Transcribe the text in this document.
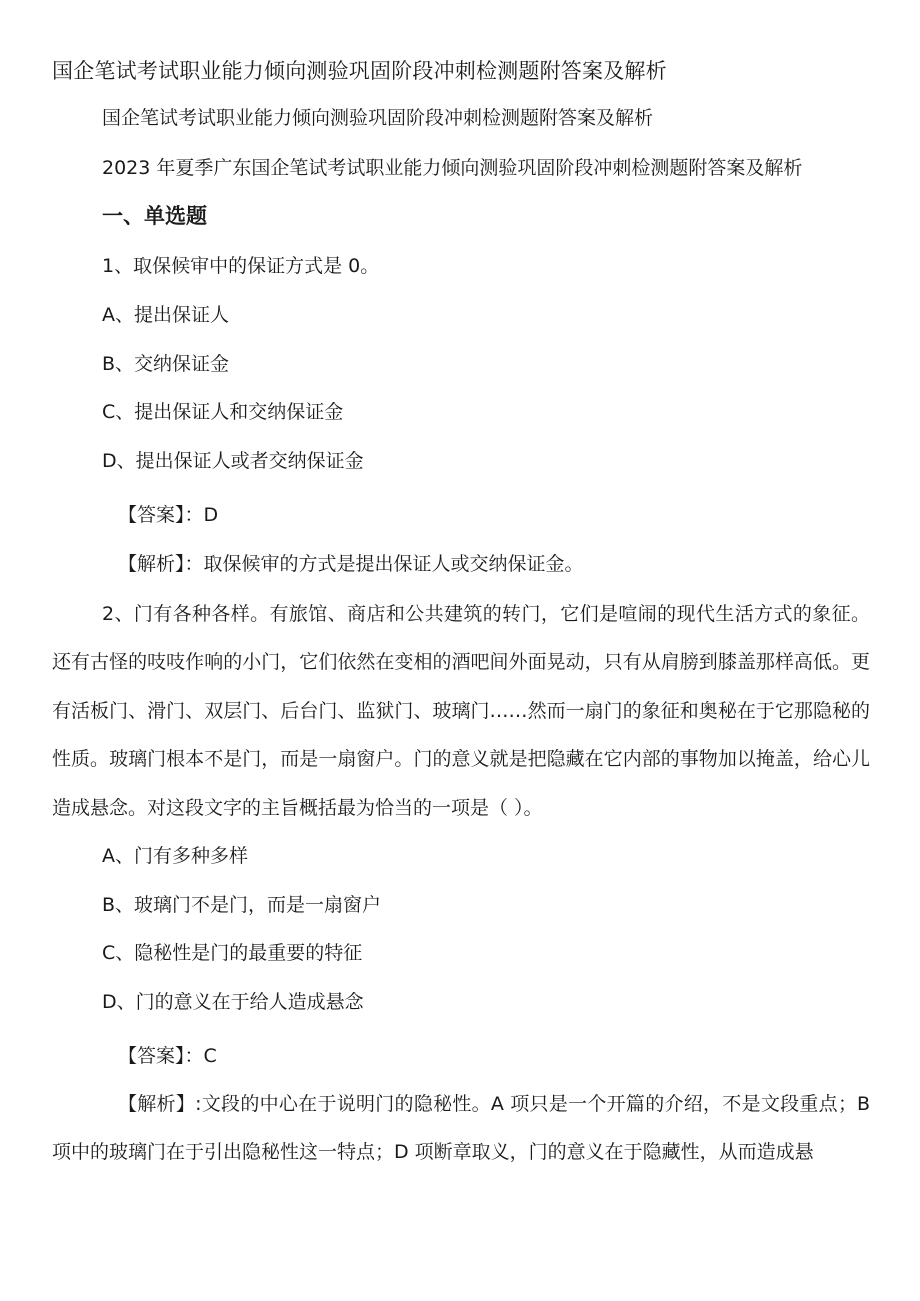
国企笔试考试职业能力倾向测验巩固阶段冲刺检测题附答案及解析
国企笔试考试职业能力倾向测验巩固阶段冲刺检测题附答案及解析
2023 年夏季广东国企笔试考试职业能力倾向测验巩固阶段冲刺检测题附答案及解析
一、单选题
1、取保候审中的保证方式是 0。
A、提出保证人
B、交纳保证金
C、提出保证人和交纳保证金
D、提出保证人或者交纳保证金
【答案】：D
【解析】：取保候审的方式是提出保证人或交纳保证金。
2、门有各种各样。有旅馆、商店和公共建筑的转门，它们是喧闹的现代生活方式的象征。还有古怪的吱吱作响的小门，它们依然在变相的酒吧间外面晃动，只有从肩膀到膝盖那样高低。更有活板门、滑门、双层门、后台门、监狱门、玻璃门……然而一扇门的象征和奥秘在于它那隐秘的性质。玻璃门根本不是门，而是一扇窗户。门的意义就是把隐藏在它内部的事物加以掩盖，给心儿造成悬念。对这段文字的主旨概括最为恰当的一项是（ ）。
A、门有多种多样
B、玻璃门不是门，而是一扇窗户
C、隐秘性是门的最重要的特征
D、门的意义在于给人造成悬念
【答案】：C
【解析】:文段的中心在于说明门的隐秘性。A 项只是一个开篇的介绍，不是文段重点；B 项中的玻璃门在于引出隐秘性这一特点；D 项断章取义，门的意义在于隐藏性，从而造成悬
